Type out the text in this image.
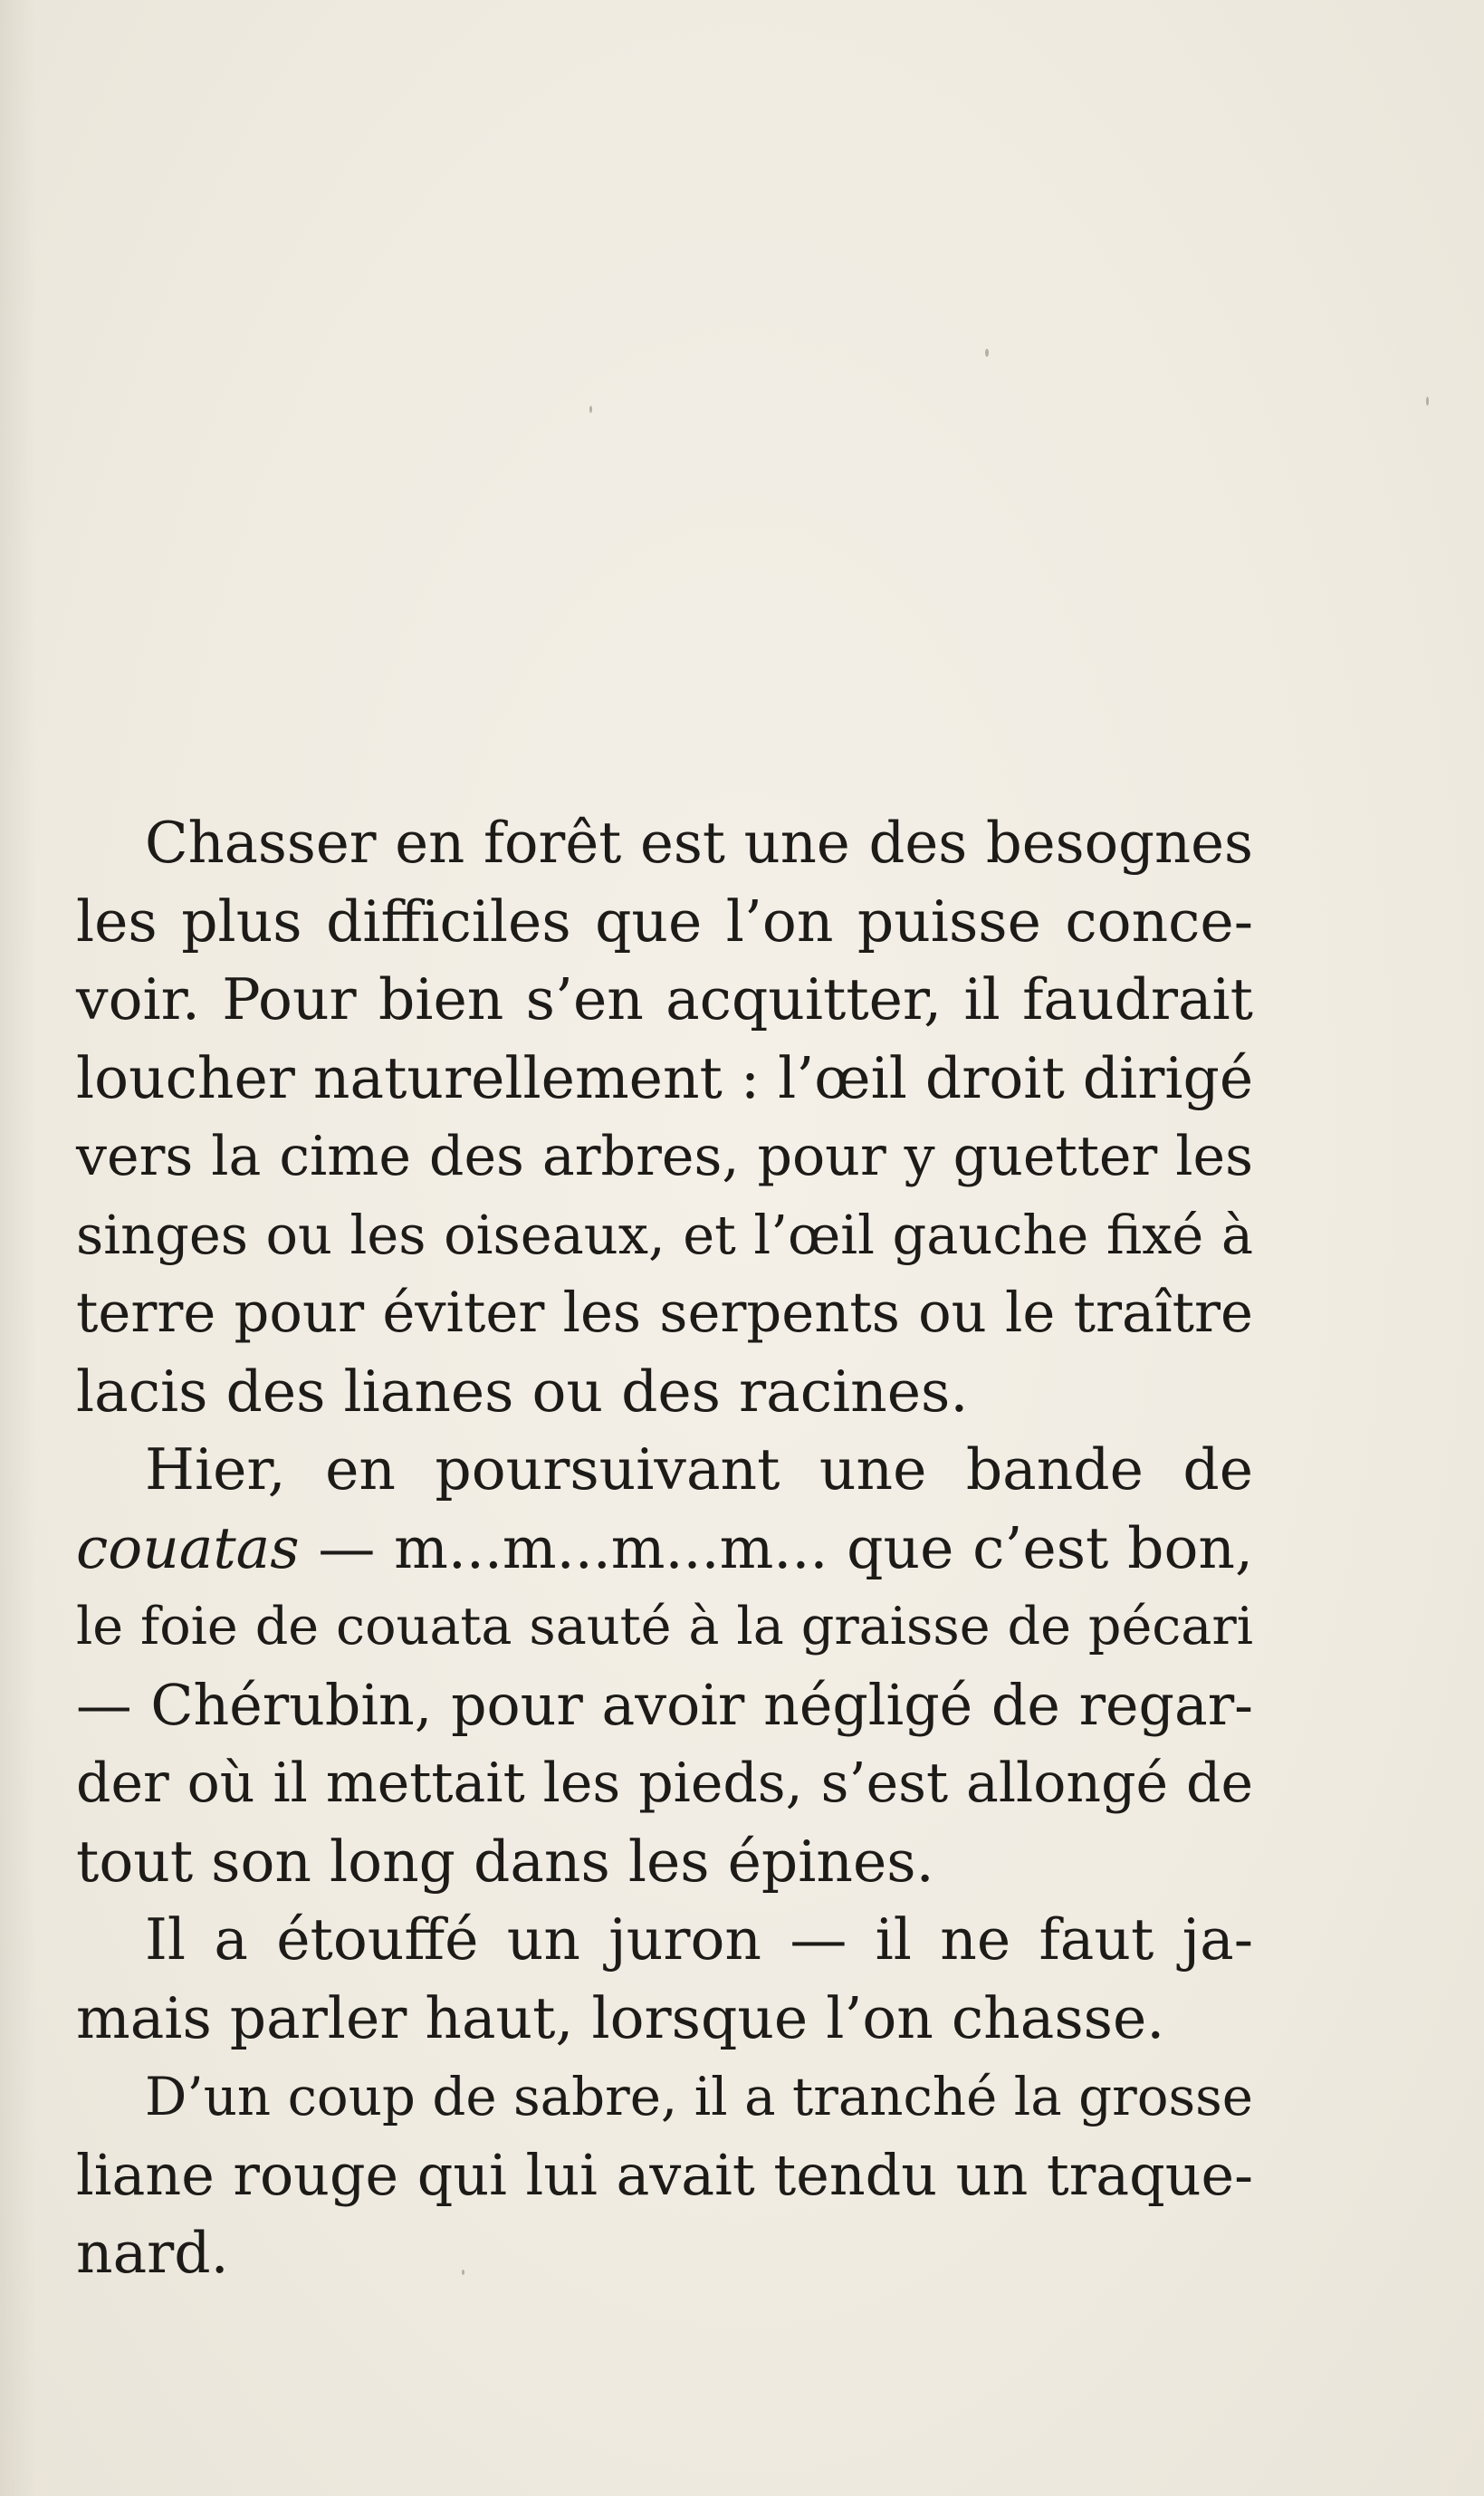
Chasser en forêt est une des besognes
les plus difficiles que l’on puisse conce-
voir. Pour bien s’en acquitter, il faudrait
loucher naturellement : l’œil droit dirigé
vers la cime des arbres, pour y guetter les
singes ou les oiseaux, et l’œil gauche fixé à
terre pour éviter les serpents ou le traître
lacis des lianes ou des racines.
Hier, en poursuivant une bande de
couatas — m...m...m...m... que c’est bon,
le foie de couata sauté à la graisse de pécari
— Chérubin, pour avoir négligé de regar-
der où il mettait les pieds, s’est allongé de
tout son long dans les épines.
Il a étouffé un juron — il ne faut ja-
mais parler haut, lorsque l’on chasse.
D’un coup de sabre, il a tranché la grosse
liane rouge qui lui avait tendu un traque-
nard.
